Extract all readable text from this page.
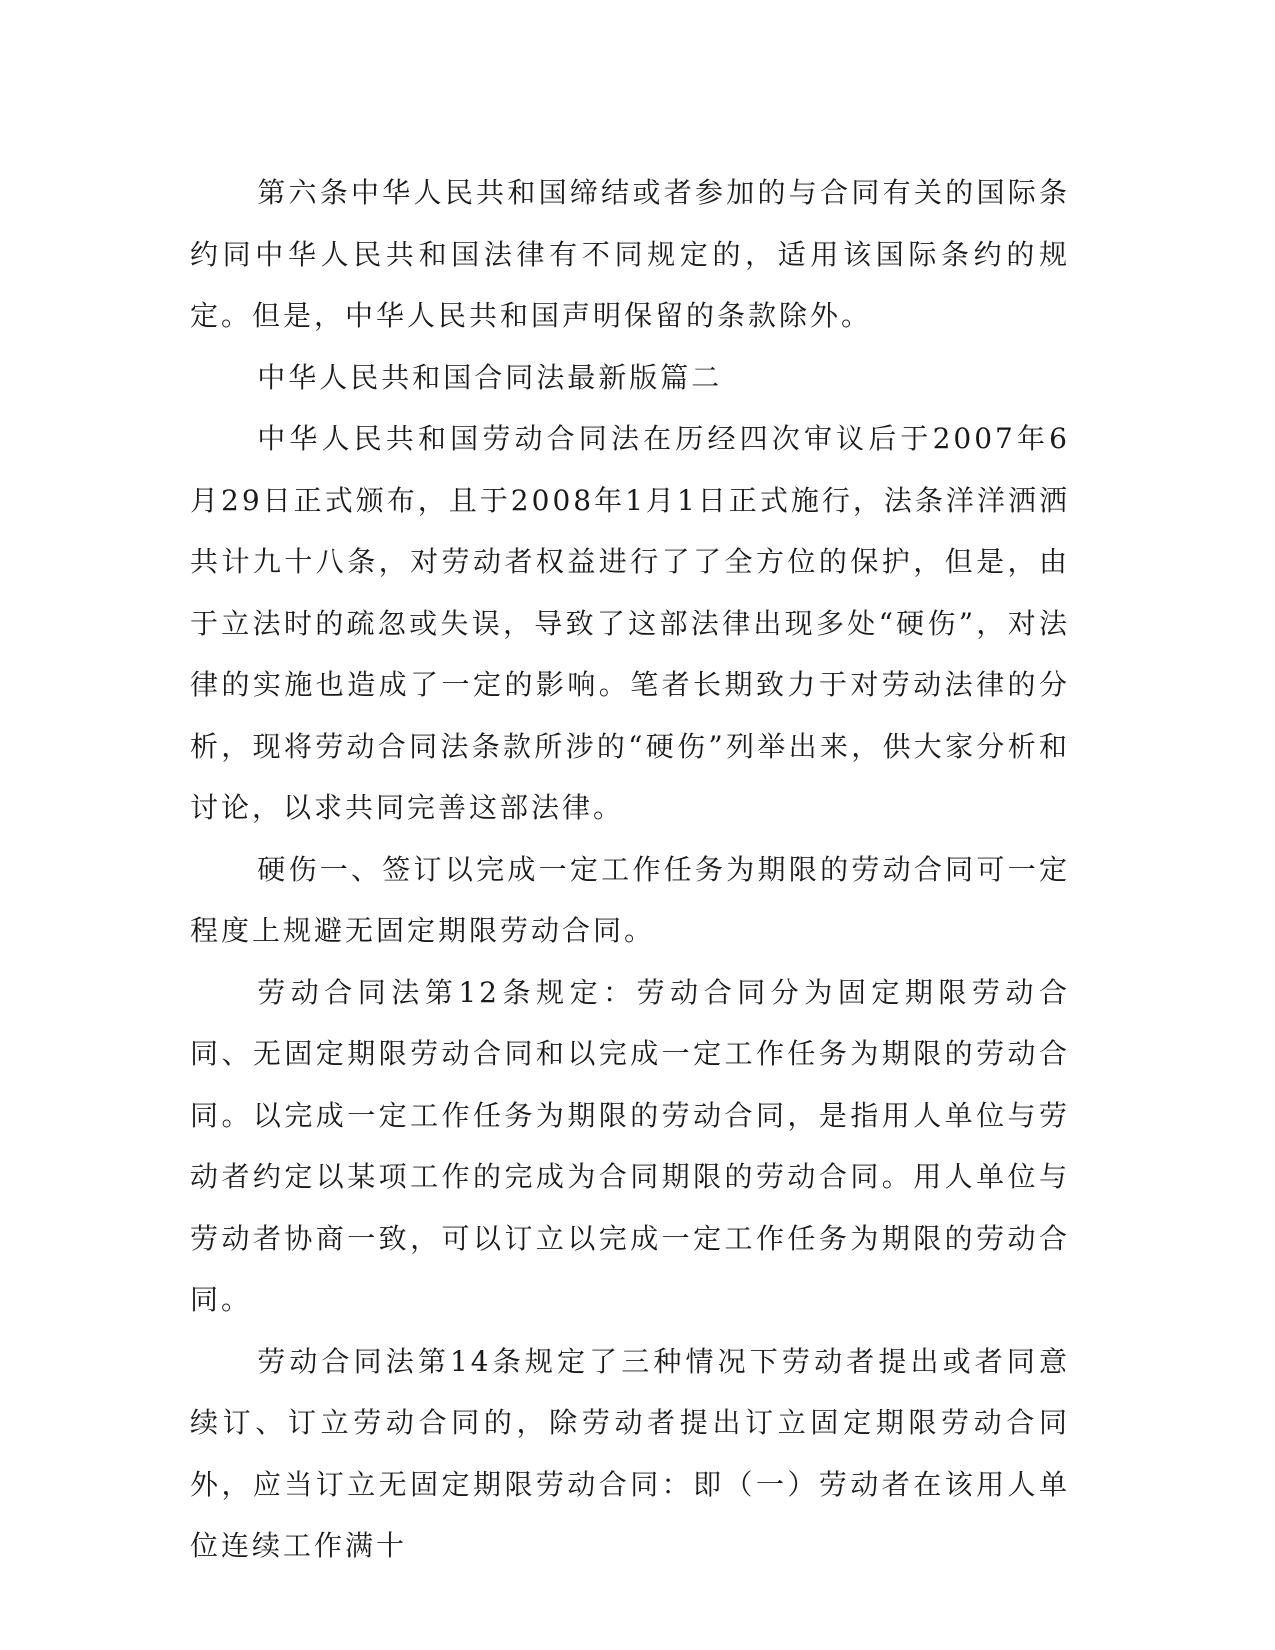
第六条中华人民共和国缔结或者参加的与合同有关的国际条约同中华人民共和国法律有不同规定的，适用该国际条约的规定。但是，中华人民共和国声明保留的条款除外。

中华人民共和国合同法最新版篇二

中华人民共和国劳动合同法在历经四次审议后于2007年6月29日正式颁布，且于2008年1月1日正式施行，法条洋洋洒洒共计九十八条，对劳动者权益进行了了全方位的保护，但是，由于立法时的疏忽或失误，导致了这部法律出现多处“硬伤”，对法律的实施也造成了一定的影响。笔者长期致力于对劳动法律的分析，现将劳动合同法条款所涉的“硬伤”列举出来，供大家分析和讨论，以求共同完善这部法律。

硬伤一、签订以完成一定工作任务为期限的劳动合同可一定程度上规避无固定期限劳动合同。

劳动合同法第12条规定：劳动合同分为固定期限劳动合同、无固定期限劳动合同和以完成一定工作任务为期限的劳动合同。以完成一定工作任务为期限的劳动合同，是指用人单位与劳动者约定以某项工作的完成为合同期限的劳动合同。用人单位与劳动者协商一致，可以订立以完成一定工作任务为期限的劳动合同。

劳动合同法第14条规定了三种情况下劳动者提出或者同意续订、订立劳动合同的，除劳动者提出订立固定期限劳动合同外，应当订立无固定期限劳动合同：即（一）劳动者在该用人单位连续工作满十
